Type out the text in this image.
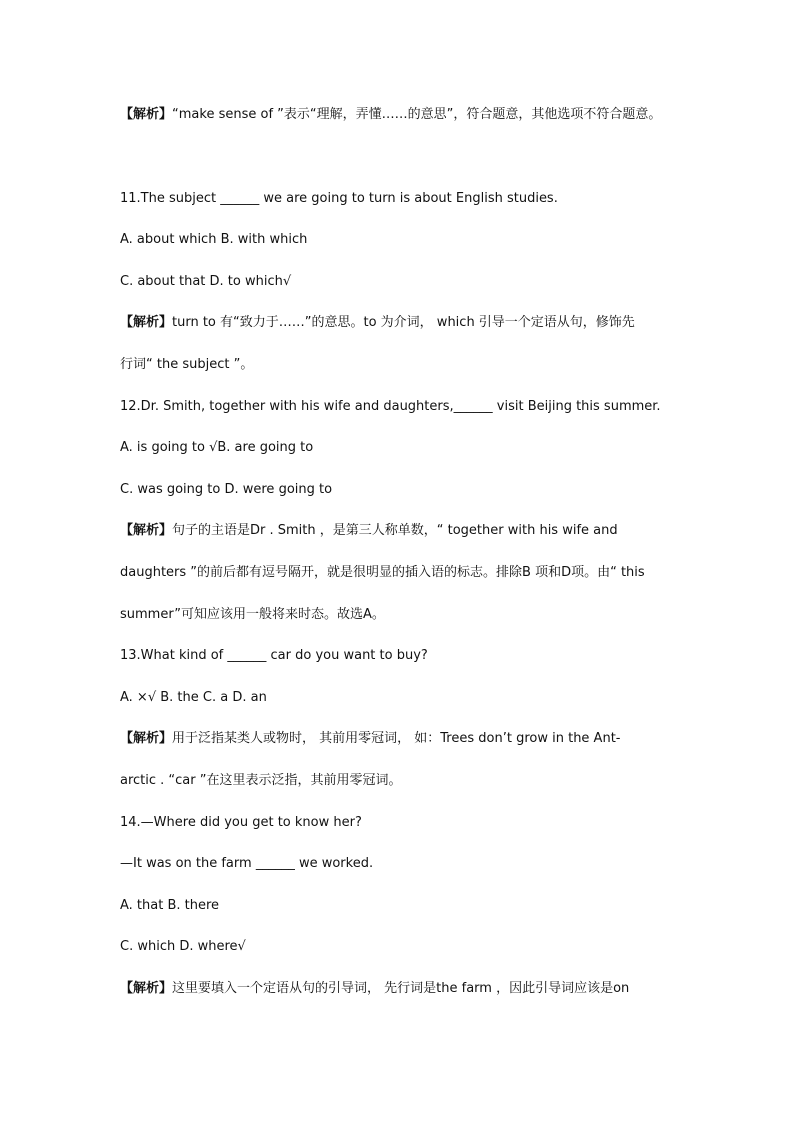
【解析】“make sense of ”表示“理解，弄懂……的意思”，符合题意，其他选项不符合题意。
11.The subject ______ we are going to turn is about English studies.
A. about which B. with which
C. about that D. to which√
【解析】turn to 有“致力于……”的意思。to 为介词， which 引导一个定语从句，修饰先
行词“ the subject ”。
12.Dr. Smith, together with his wife and daughters,______ visit Beijing this summer.
A. is going to √B. are going to
C. was going to D. were going to
【解析】句子的主语是Dr . Smith ，是第三人称单数，“ together with his wife and
daughters ”的前后都有逗号隔开，就是很明显的插入语的标志。排除B 项和D项。由“ this
summer”可知应该用一般将来时态。故选A。
13.What kind of ______ car do you want to buy?
A. ×√ B. the C. a D. an
【解析】用于泛指某类人或物时， 其前用零冠词， 如：Trees don’t grow in the Ant-
arctic . “car ”在这里表示泛指，其前用零冠词。
14.—Where did you get to know her?
—It was on the farm ______ we worked.
A. that B. there
C. which D. where√
【解析】这里要填入一个定语从句的引导词， 先行词是the farm ，因此引导词应该是on
